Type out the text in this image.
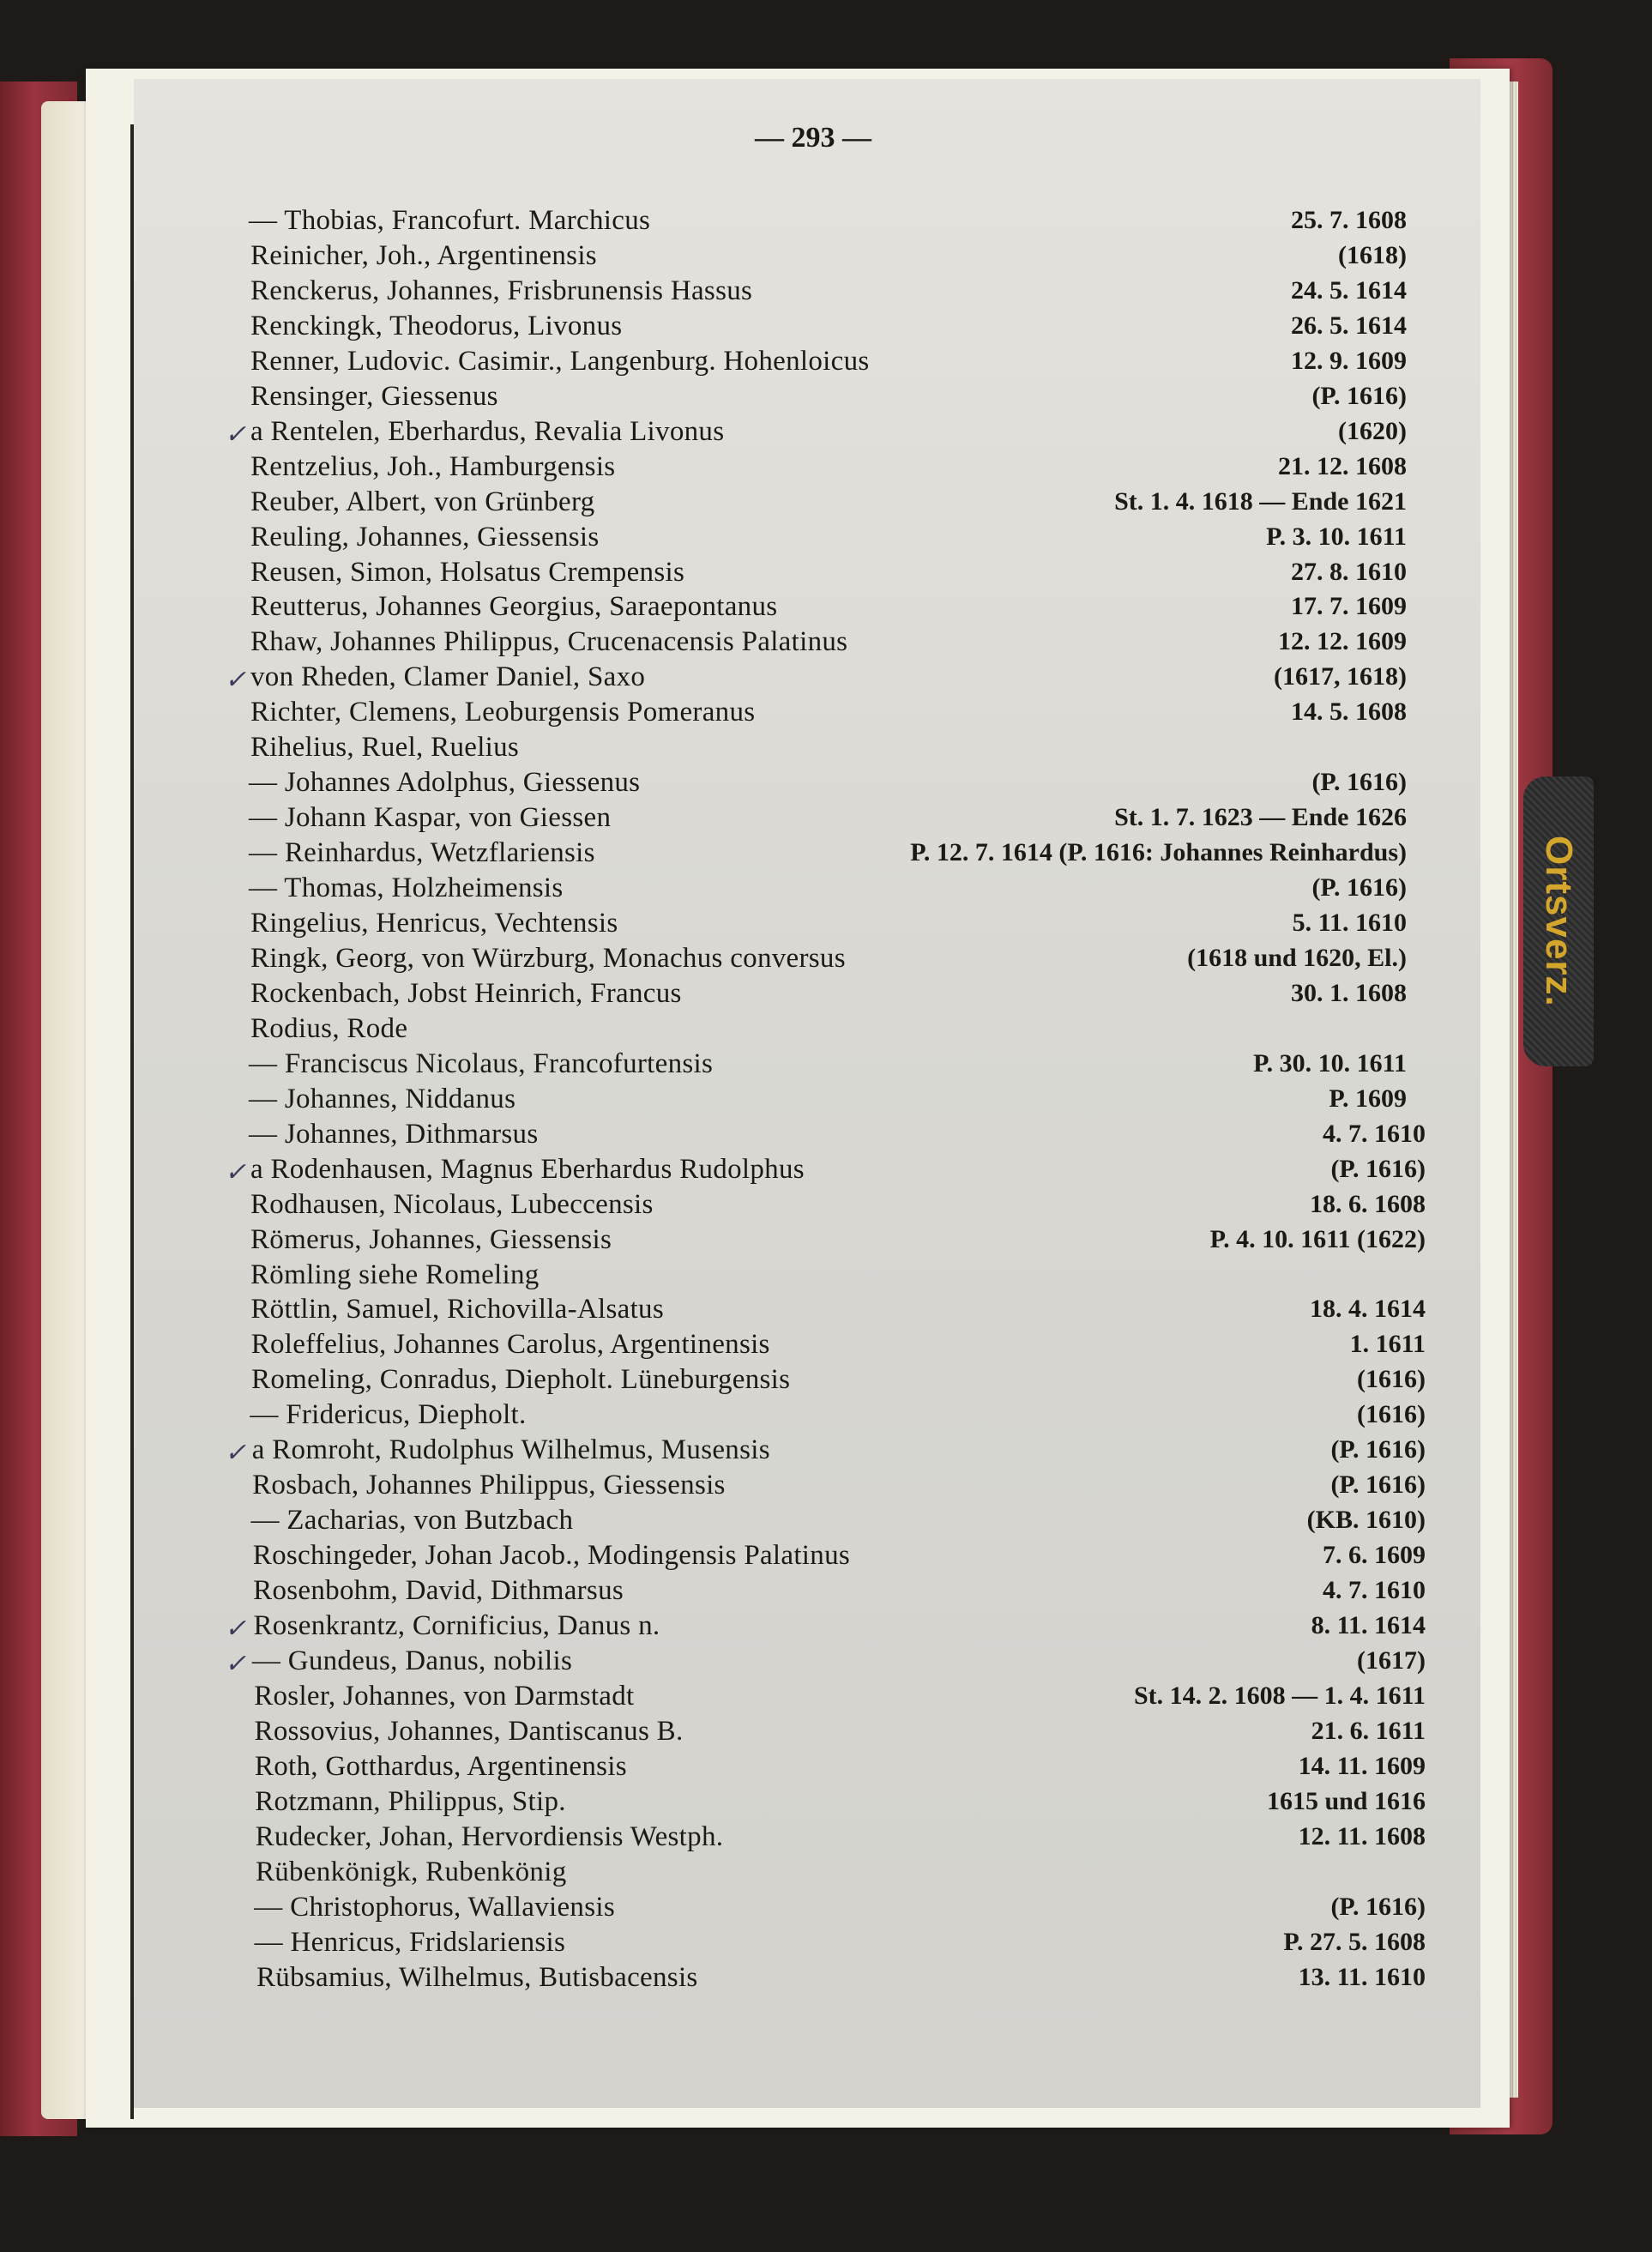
Ortsverz.
— 293 —
— Thobias, Francofurt. Marchicus	25. 7. 1608
Reinicher, Joh., Argentinensis	(1618)
Renckerus, Johannes, Frisbrunensis Hassus	24. 5. 1614
Renckingk, Theodorus, Livonus	26. 5. 1614
Renner, Ludovic. Casimir., Langenburg. Hohenloicus	12. 9. 1609
Rensinger, Giessenus	(P. 1616)
a Rentelen, Eberhardus, Revalia Livonus	(1620)
Rentzelius, Joh., Hamburgensis	21. 12. 1608
Reuber, Albert, von Grünberg	St. 1. 4. 1618 — Ende 1621
Reuling, Johannes, Giessensis	P. 3. 10. 1611
Reusen, Simon, Holsatus Crempensis	27. 8. 1610
Reutterus, Johannes Georgius, Saraepontanus	17. 7. 1609
Rhaw, Johannes Philippus, Crucenacensis Palatinus	12. 12. 1609
von Rheden, Clamer Daniel, Saxo	(1617, 1618)
Richter, Clemens, Leoburgensis Pomeranus	14. 5. 1608
Rihelius, Ruel, Ruelius
— Johannes Adolphus, Giessenus	(P. 1616)
— Johann Kaspar, von Giessen	St. 1. 7. 1623 — Ende 1626
— Reinhardus, Wetzflariensis	P. 12. 7. 1614 (P. 1616: Johannes Reinhardus)
— Thomas, Holzheimensis	(P. 1616)
Ringelius, Henricus, Vechtensis	5. 11. 1610
Ringk, Georg, von Würzburg, Monachus conversus	(1618 und 1620, El.)
Rockenbach, Jobst Heinrich, Francus	30. 1. 1608
Rodius, Rode
— Franciscus Nicolaus, Francofurtensis	P. 30. 10. 1611
— Johannes, Niddanus	P. 1609
— Johannes, Dithmarsus	4. 7. 1610
a Rodenhausen, Magnus Eberhardus Rudolphus	(P. 1616)
Rodhausen, Nicolaus, Lubeccensis	18. 6. 1608
Römerus, Johannes, Giessensis	P. 4. 10. 1611 (1622)
Römling siehe Romeling
Röttlin, Samuel, Richovilla-Alsatus	18. 4. 1614
Roleffelius, Johannes Carolus, Argentinensis	1. 1611
Romeling, Conradus, Diepholt. Lüneburgensis	(1616)
— Fridericus, Diepholt.	(1616)
a Romroht, Rudolphus Wilhelmus, Musensis	(P. 1616)
Rosbach, Johannes Philippus, Giessensis	(P. 1616)
— Zacharias, von Butzbach	(KB. 1610)
Roschingeder, Johan Jacob., Modingensis Palatinus	7. 6. 1609
Rosenbohm, David, Dithmarsus	4. 7. 1610
Rosenkrantz, Cornificius, Danus n.	8. 11. 1614
— Gundeus, Danus, nobilis	(1617)
Rosler, Johannes, von Darmstadt	St. 14. 2. 1608 — 1. 4. 1611
Rossovius, Johannes, Dantiscanus B.	21. 6. 1611
Roth, Gotthardus, Argentinensis	14. 11. 1609
Rotzmann, Philippus, Stip.	1615 und 1616
Rudecker, Johan, Hervordiensis Westph.	12. 11. 1608
Rübenkönigk, Rubenkönig
— Christophorus, Wallaviensis	(P. 1616)
— Henricus, Fridslariensis	P. 27. 5. 1608
Rübsamius, Wilhelmus, Butisbacensis	13. 11. 1610
✓
✓
✓
✓
✓
✓
